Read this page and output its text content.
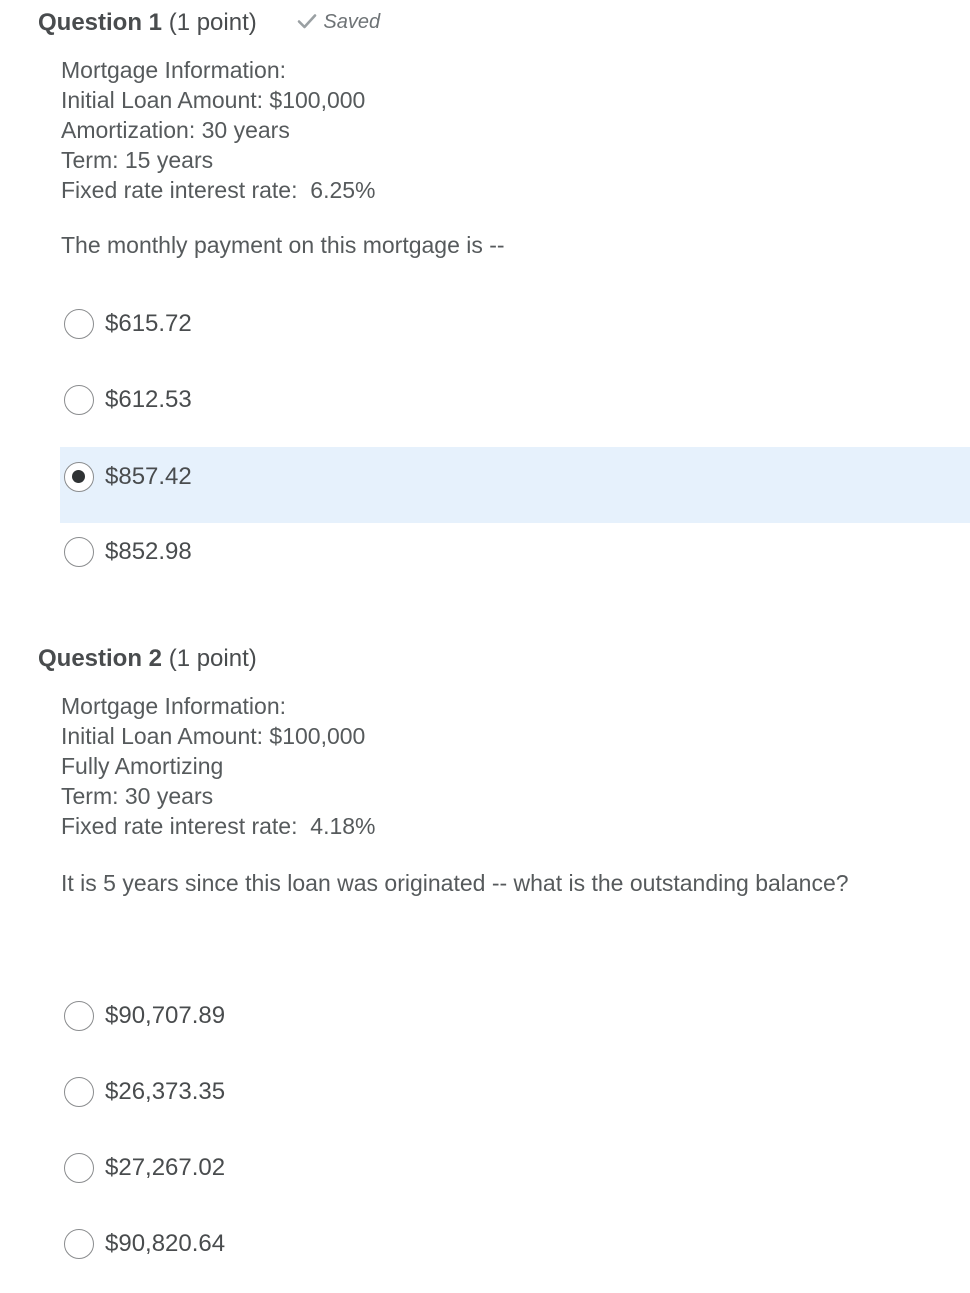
Question 1 (1 point)	Saved
Mortgage Information:
Initial Loan Amount: $100,000
Amortization: 30 years
Term: 15 years
Fixed rate interest rate:  6.25%
The monthly payment on this mortgage is --
$615.72
$612.53
$857.42
$852.98
Question 2 (1 point)
Mortgage Information:
Initial Loan Amount: $100,000
Fully Amortizing
Term: 30 years
Fixed rate interest rate:  4.18%
It is 5 years since this loan was originated -- what is the outstanding balance?
$90,707.89
$26,373.35
$27,267.02
$90,820.64
